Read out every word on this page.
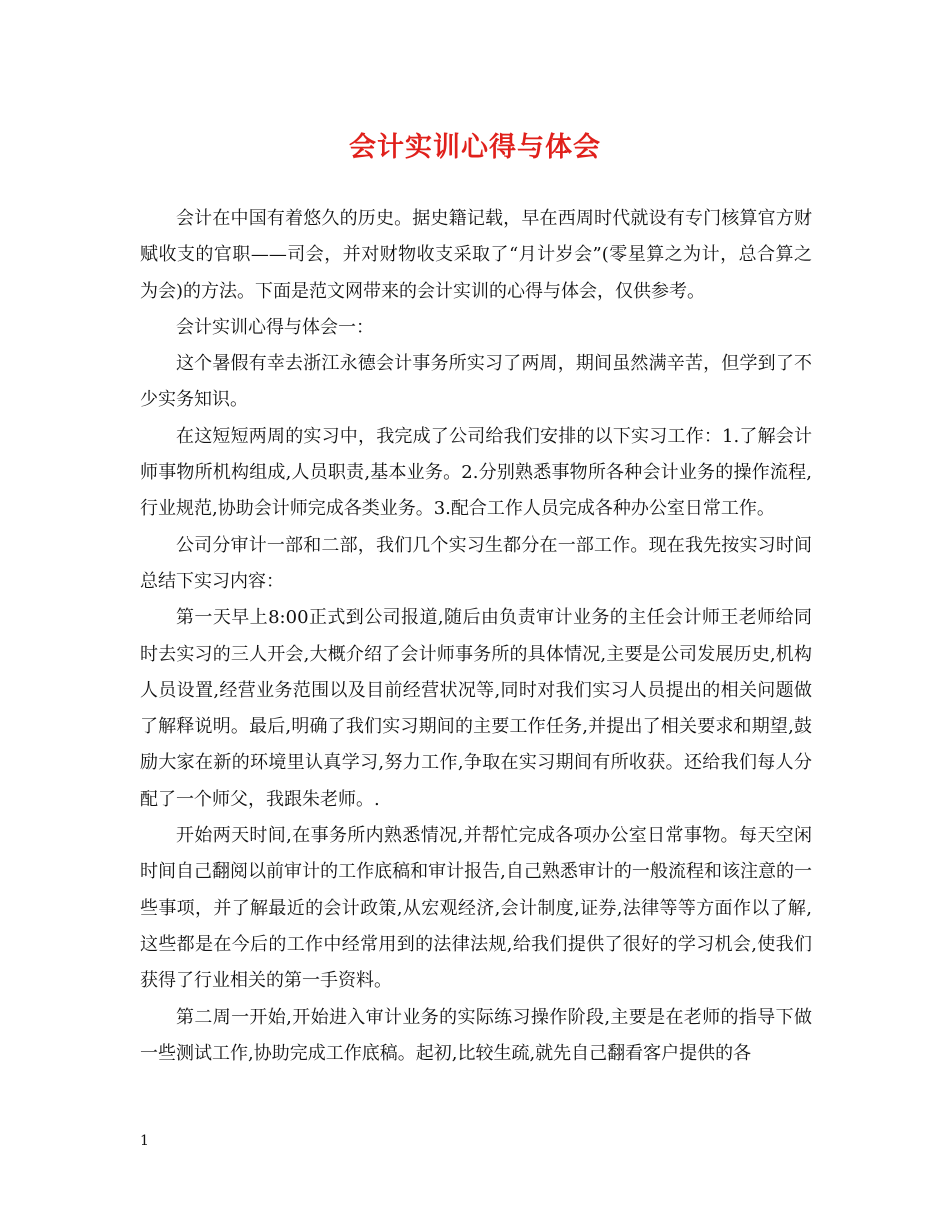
会计实训心得与体会

会计在中国有着悠久的历史。据史籍记载，早在西周时代就设有专门核算官方财赋收支的官职——司会，并对财物收支采取了“月计岁会”(零星算之为计，总合算之为会)的方法。下面是范文网带来的会计实训的心得与体会，仅供参考。

会计实训心得与体会一：

这个暑假有幸去浙江永德会计事务所实习了两周，期间虽然满辛苦，但学到了不少实务知识。

在这短短两周的实习中，我完成了公司给我们安排的以下实习工作：1.了解会计师事物所机构组成,人员职责,基本业务。2.分别熟悉事物所各种会计业务的操作流程,行业规范,协助会计师完成各类业务。3.配合工作人员完成各种办公室日常工作。

公司分审计一部和二部，我们几个实习生都分在一部工作。现在我先按实习时间总结下实习内容：

第一天早上8:00正式到公司报道,随后由负责审计业务的主任会计师王老师给同时去实习的三人开会,大概介绍了会计师事务所的具体情况,主要是公司发展历史,机构人员设置,经营业务范围以及目前经营状况等,同时对我们实习人员提出的相关问题做了解释说明。最后,明确了我们实习期间的主要工作任务,并提出了相关要求和期望,鼓励大家在新的环境里认真学习,努力工作,争取在实习期间有所收获。还给我们每人分配了一个师父，我跟朱老师。.

开始两天时间,在事务所内熟悉情况,并帮忙完成各项办公室日常事物。每天空闲时间自己翻阅以前审计的工作底稿和审计报告,自己熟悉审计的一般流程和该注意的一些事项，并了解最近的会计政策,从宏观经济,会计制度,证券,法律等等方面作以了解,这些都是在今后的工作中经常用到的法律法规,给我们提供了很好的学习机会,使我们获得了行业相关的第一手资料。

第二周一开始,开始进入审计业务的实际练习操作阶段,主要是在老师的指导下做一些测试工作,协助完成工作底稿。起初,比较生疏,就先自己翻看客户提供的各

1
